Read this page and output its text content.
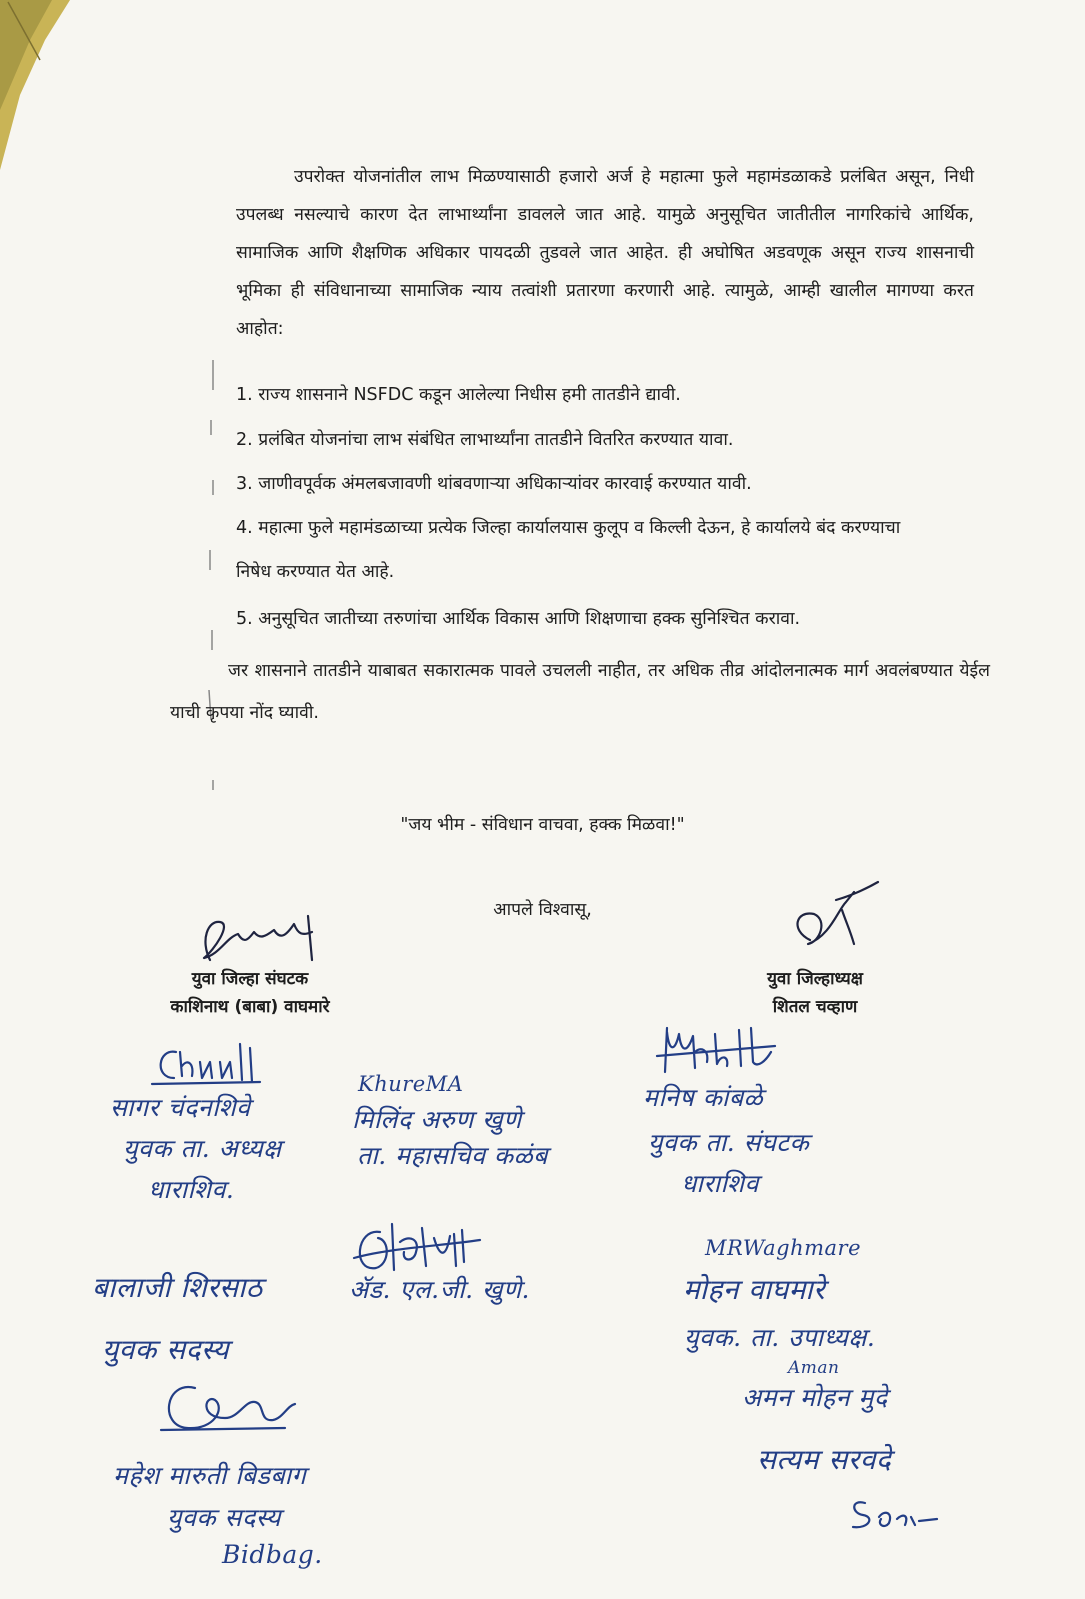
उपरोक्त योजनांतील लाभ मिळण्यासाठी हजारो अर्ज हे महात्मा फुले महामंडळाकडे प्रलंबित असून, निधी उपलब्ध नसल्याचे कारण देत लाभार्थ्यांना डावलले जात आहे. यामुळे अनुसूचित जातीतील नागरिकांचे आर्थिक, सामाजिक आणि शैक्षणिक अधिकार पायदळी तुडवले जात आहेत. ही अघोषित अडवणूक असून राज्य शासनाची भूमिका ही संविधानाच्या सामाजिक न्याय तत्वांशी प्रतारणा करणारी आहे. त्यामुळे, आम्ही खालील मागण्या करत आहोत:

1. राज्य शासनाने NSFDC कडून आलेल्या निधीस हमी तातडीने द्यावी.
2. प्रलंबित योजनांचा लाभ संबंधित लाभार्थ्यांना तातडीने वितरित करण्यात यावा.
3. जाणीवपूर्वक अंमलबजावणी थांबवणाऱ्या अधिकाऱ्यांवर कारवाई करण्यात यावी.
4. महात्मा फुले महामंडळाच्या प्रत्येक जिल्हा कार्यालयास कुलूप व किल्ली देऊन, हे कार्यालये बंद करण्याचा निषेध करण्यात येत आहे.
5. अनुसूचित जातीच्या तरुणांचा आर्थिक विकास आणि शिक्षणाचा हक्क सुनिश्चित करावा.

जर शासनाने तातडीने याबाबत सकारात्मक पावले उचलली नाहीत, तर अधिक तीव्र आंदोलनात्मक मार्ग अवलंबण्यात येईल याची कृपया नोंद घ्यावी.

"जय भीम - संविधान वाचवा, हक्क मिळवा!"
आपले विश्वासू,
युवा जिल्हा संघटक
काशिनाथ (बाबा) वाघमारे
युवा जिल्हाध्यक्ष
शितल चव्हाण
सागर चंदनशिवे
युवक ता. अध्यक्ष
धाराशिव.
KhureMA
मिलिंद अरुण खुणे
ता. महासचिव कळंब
मनिष कांबळे
युवक ता. संघटक
धाराशिव
ॲड. एल.जी. खुणे.
बालाजी शिरसाठ
युवक सदस्य
MRWaghmare
मोहन वाघमारे
युवक. ता. उपाध्यक्ष.
Aman
अमन मोहन मुदे
सत्यम सरवदे
महेश मारुती बिडबाग
युवक सदस्य
Bidbag.
